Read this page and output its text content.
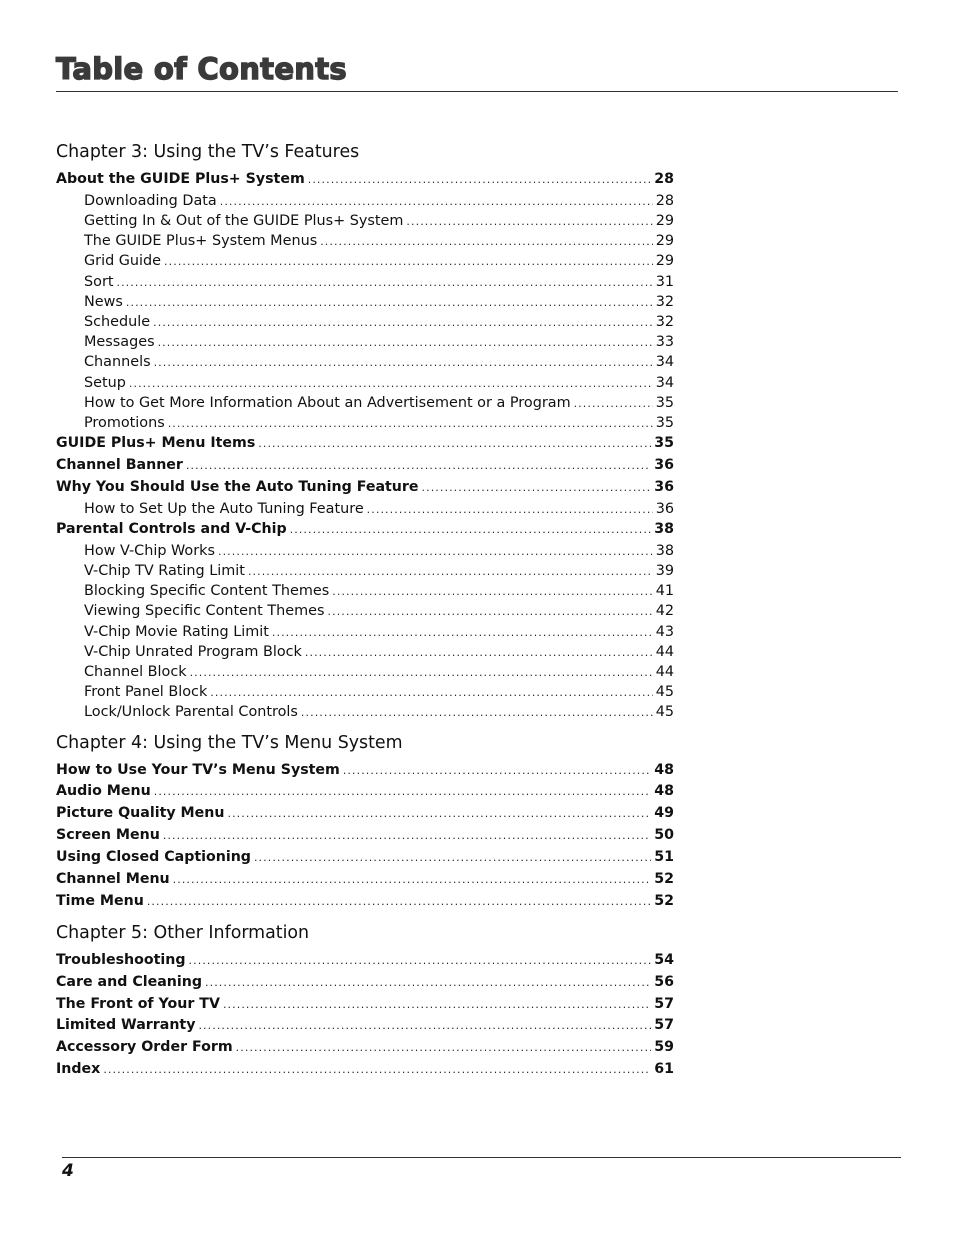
Table of Contents
Chapter 3: Using the TV’s Features
About the GUIDE Plus+ System . . .	28
Downloading Data . . .	28
Getting In & Out of the GUIDE Plus+ System . . .	29
The GUIDE Plus+ System Menus . . .	29
Grid Guide . . .	29
Sort . . .	31
News . . .	32
Schedule . . .	32
Messages . . .	33
Channels . . .	34
Setup . . .	34
How to Get More Information About an Advertisement or a Program . . .	35
Promotions . . .	35
GUIDE Plus+ Menu Items . . .	35
Channel Banner . . .	36
Why You Should Use the Auto Tuning Feature . . .	36
How to Set Up the Auto Tuning Feature . . .	36
Parental Controls and V-Chip . . .	38
How V-Chip Works . . .	38
V-Chip TV Rating Limit . . .	39
Blocking Specific Content Themes . . .	41
Viewing Specific Content Themes . . .	42
V-Chip Movie Rating Limit . . .	43
V-Chip Unrated Program Block . . .	44
Channel Block . . .	44
Front Panel Block . . .	45
Lock/Unlock Parental Controls . . .	45
Chapter 4: Using the TV’s Menu System
How to Use Your TV’s Menu System . . .	48
Audio Menu . . .	48
Picture Quality Menu . . .	49
Screen Menu . . .	50
Using Closed Captioning . . .	51
Channel Menu . . .	52
Time Menu . . .	52
Chapter 5: Other Information
Troubleshooting . . .	54
Care and Cleaning . . .	56
The Front of Your TV . . .	57
Limited Warranty . . .	57
Accessory Order Form . . .	59
Index . . .	61
4
